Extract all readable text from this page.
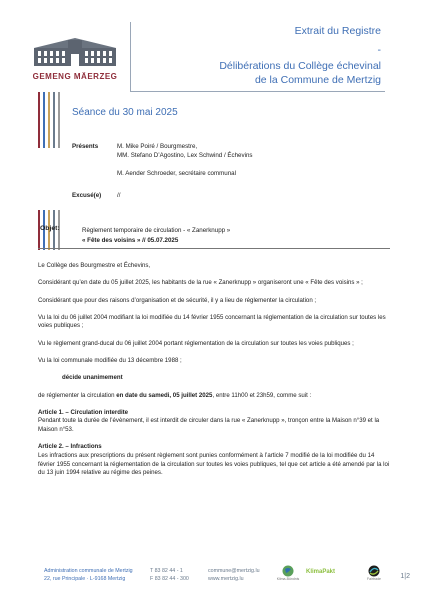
GEMENG MÄERZEG
Extrait du Registre
-
Délibérations du Collège échevinal
de la Commune de Mertzig
Séance du 30 mai 2025
Présents	M. Mike Poiré / Bourgmestre,
MM. Stefano D’Agostino, Lex Schwind / Échevins
M. Aender Schroeder, secrétaire communal
Excusé(e)	//
Objet:	Règlement temporaire de circulation - « Zanerknupp »
« Fête des voisins » // 05.07.2025

Le Collège des Bourgmestre et Échevins,

Considérant qu’en date du 05 juillet 2025, les habitants de la rue « Zanerknupp » organiseront une « Fête des voisins » ;

Considérant que pour des raisons d’organisation et de sécurité, il y a lieu de réglementer la circulation ;

Vu la loi du 06 juillet 2004 modifiant la loi modifiée du 14 février 1955 concernant la réglementation de la circulation sur toutes les voies publiques ;

Vu le règlement grand-ducal du 06 juillet 2004 portant réglementation de la circulation sur toutes les voies publiques ;

Vu la loi communale modifiée du 13 décembre 1988 ;

décide unanimement

de réglementer la circulation en date du samedi, 05 juillet 2025, entre 11h00 et 23h59, comme suit :

Article 1. – Circulation interdite

Pendant toute la durée de l’évènement, il est interdit de circuler dans la rue « Zanerknupp », tronçon entre la Maison n°39 et la Maison n°53.

Article 2. – Infractions

Les infractions aux prescriptions du présent règlement sont punies conformément à l’article 7 modifié de la loi modifiée du 14 février 1955 concernant la réglementation de la circulation sur toutes les voies publiques, tel que cet article a été amendé par la loi du 13 juin 1994 relative au régime des peines.

Administration communale de Mertzig
22, rue Principale · L-9168 Mertzig
T 83 82 44 - 1
F 83 82 44 - 300
commune@mertzig.lu
www.mertzig.lu	Klima-Bündnis
KlimaPakt
Fairtrade	1|2
